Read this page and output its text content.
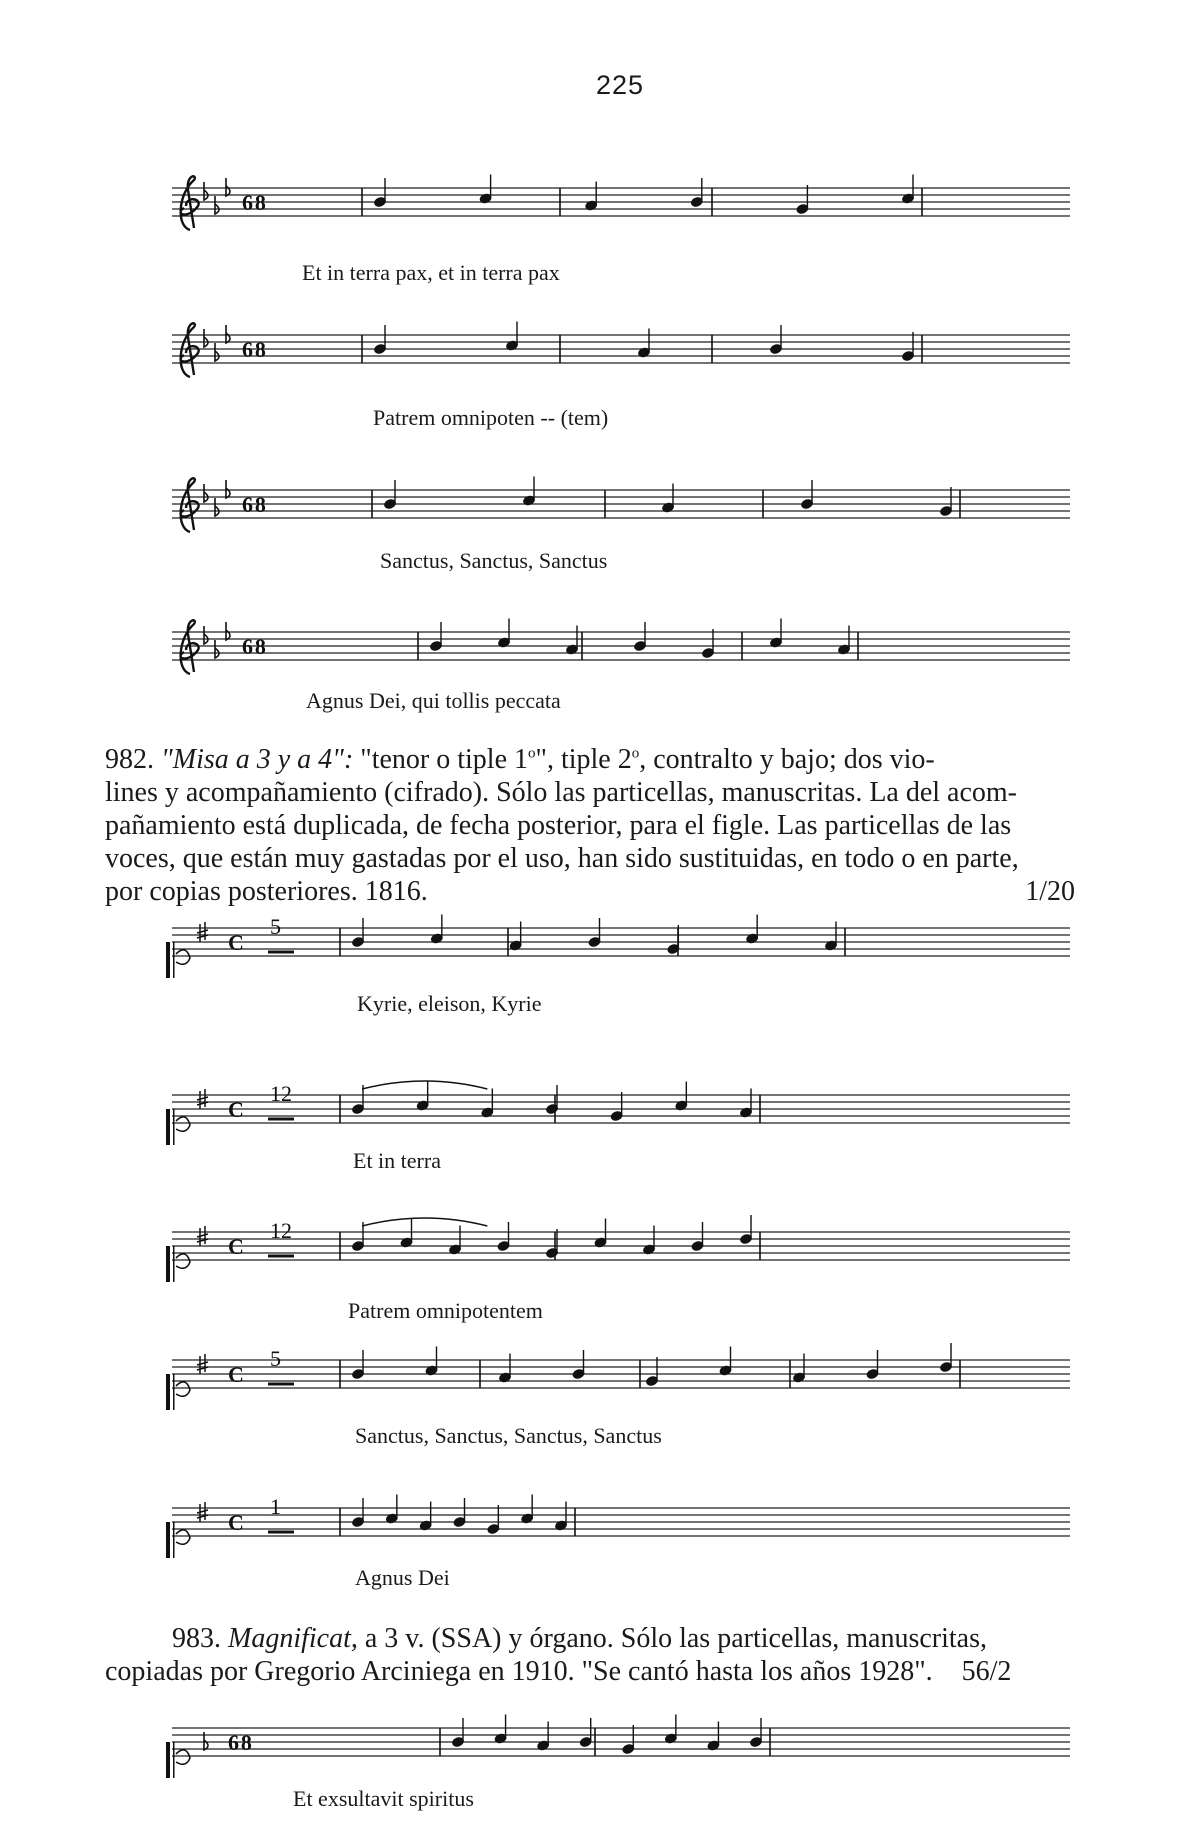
225
6 8
Et in terra pax, et in terra pax
6 8
Patrem omnipoten -- (tem)
6 8
Sanctus, Sanctus, Sanctus
6 8
Agnus Dei, qui tollis peccata
982. "Misa a 3 y a 4": "tenor o tiple 1$^o$", tiple 2$^o$, contralto y bajo; dos vio-
lines y acompañamiento (cifrado). Sólo las particellas, manuscritas. La del acom-
pañamiento está duplicada, de fecha posterior, para el figle. Las particellas de las
voces, que están muy gastadas por el uso, han sido sustituidas, en todo o en parte,
por copias posteriores. 1816.	1/20
C
5
Kyrie, eleison, Kyrie
C
12
Et in terra
C
12
Patrem omnipotentem
C
5
Sanctus, Sanctus, Sanctus, Sanctus
C
1
Agnus Dei
983. Magnificat, a 3 v. (SSA) y órgano. Sólo las particellas, manuscritas,
copiadas por Gregorio Arciniega en 1910. "Se cantó hasta los años 1928". 56/2
6 8
Et exsultavit spiritus
